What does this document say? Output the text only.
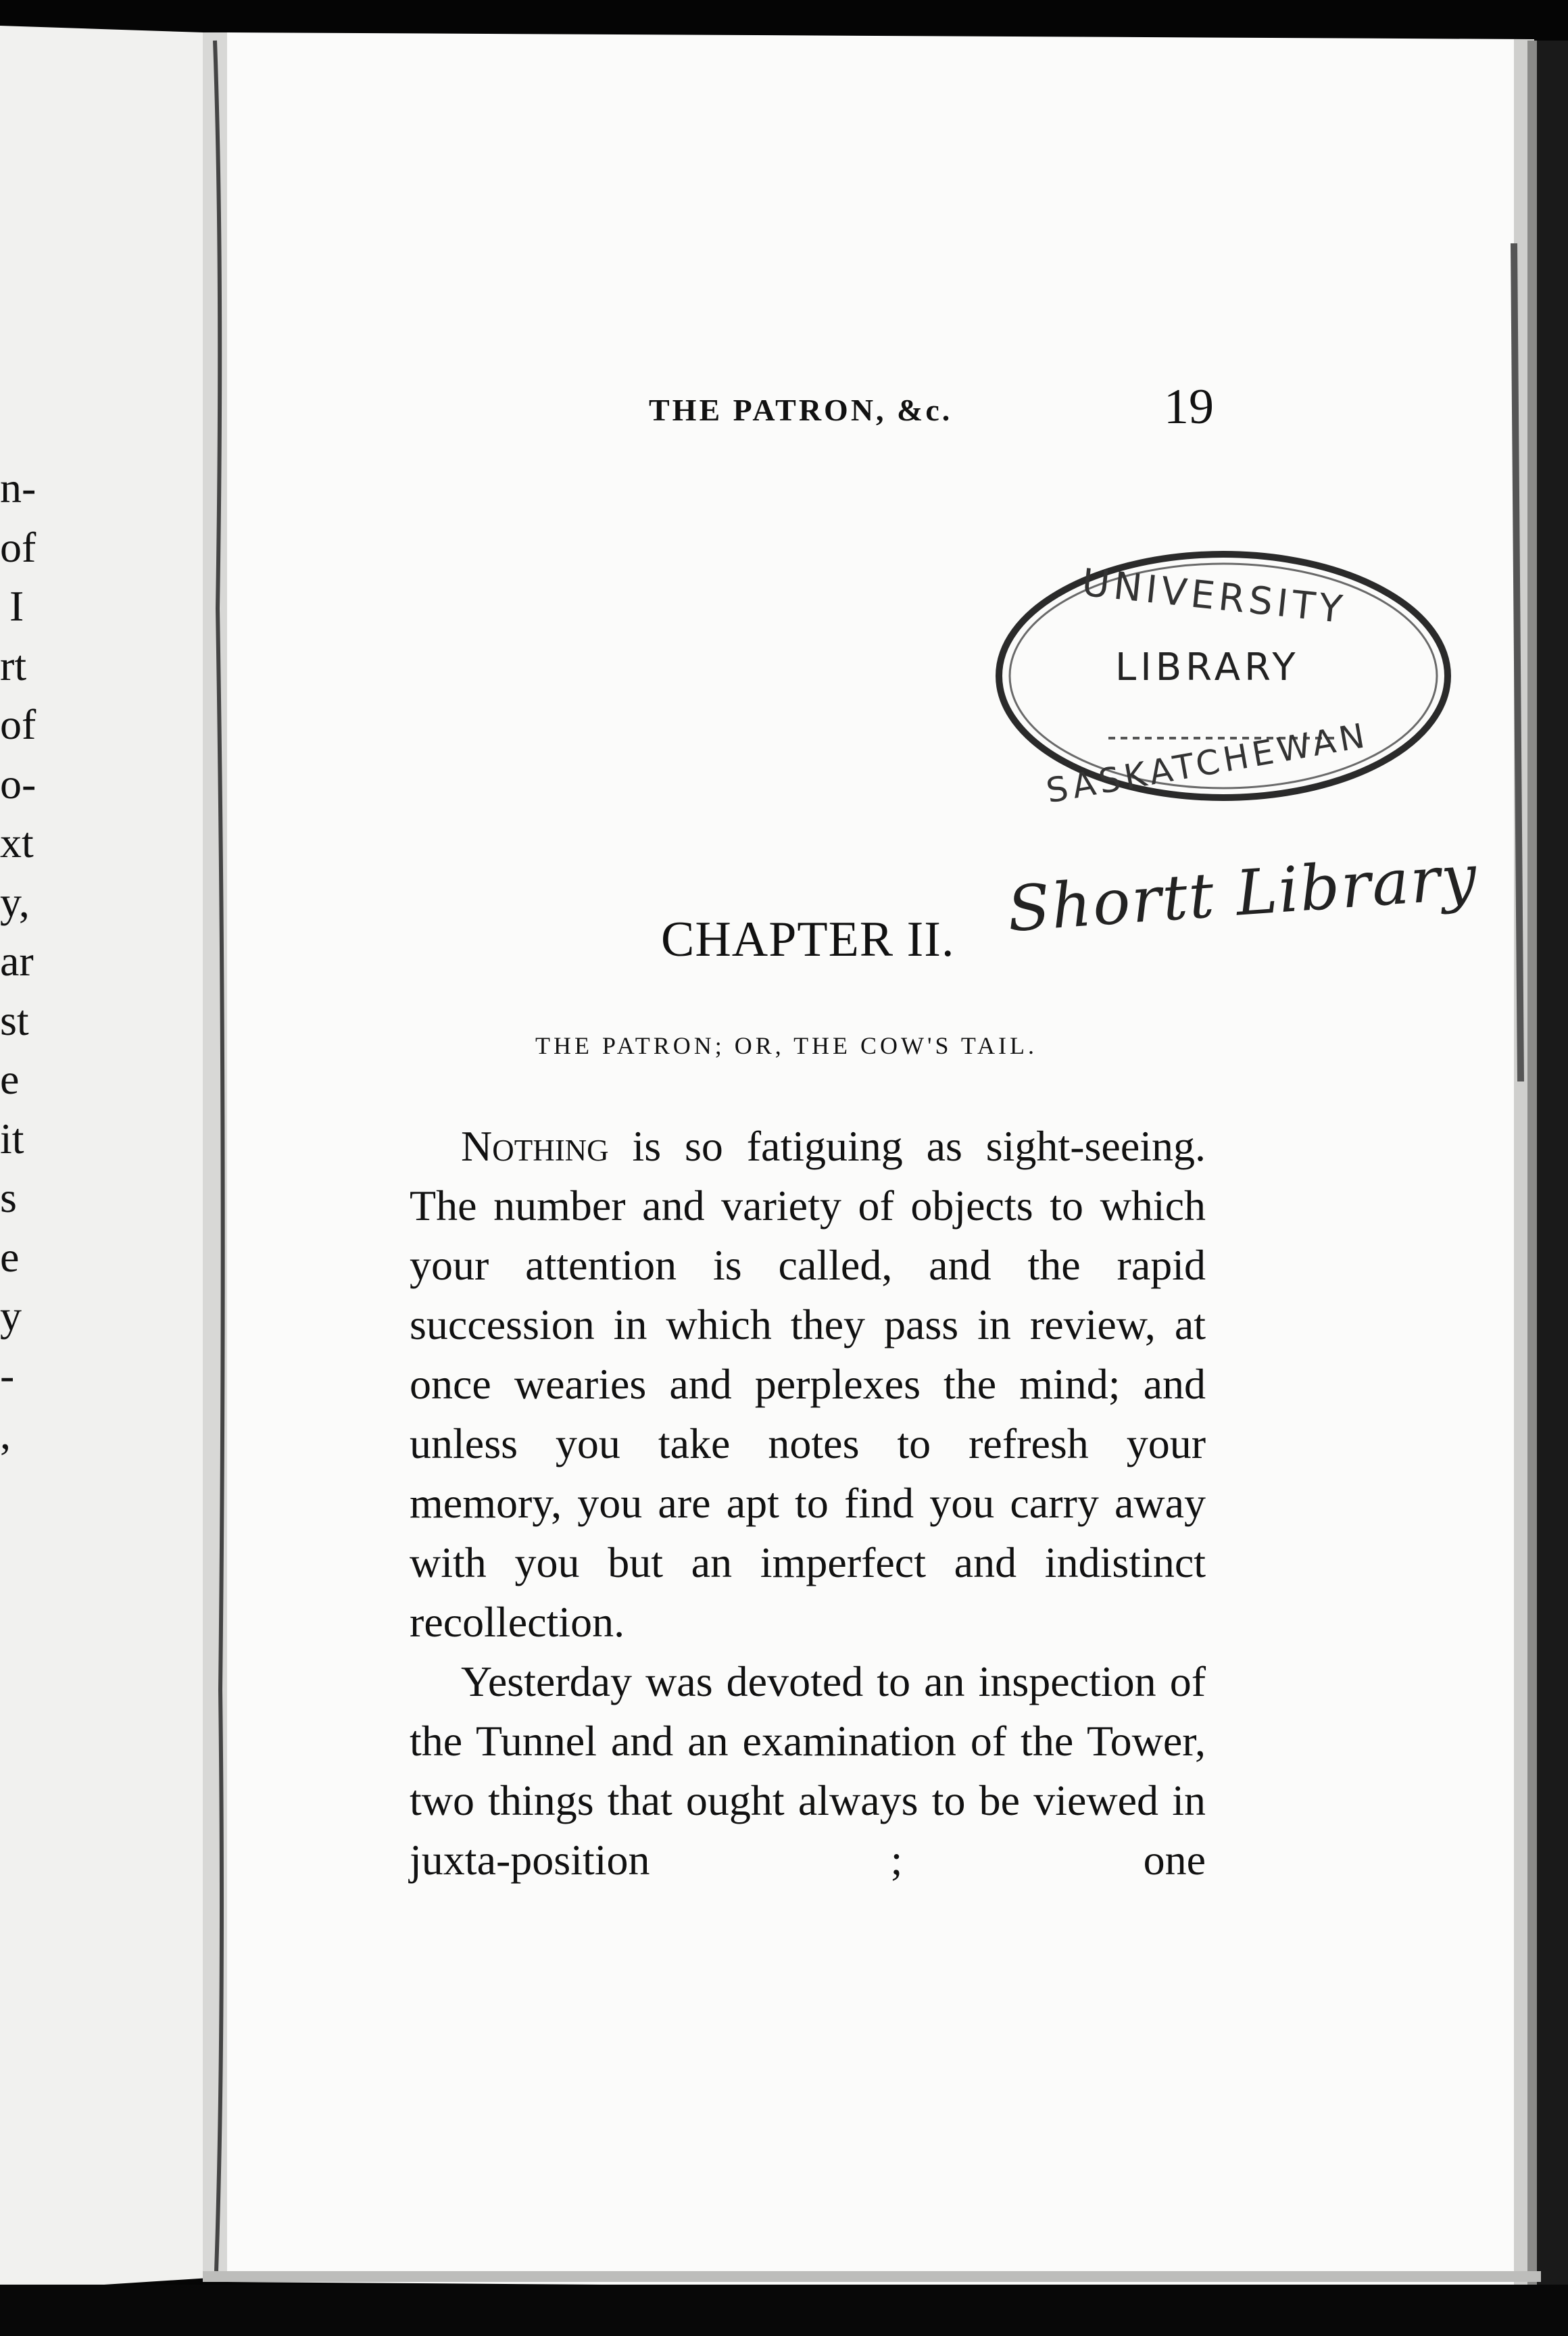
n-
of
I
rt
of
o-
xt
y,
ar
st
e
it
s
e
y
-
,
THE PATRON, &c.	19
UNIVERSITY
LIBRARY
SASKATCHEWAN
Shortt Library
CHAPTER II.
THE PATRON; OR, THE COW'S TAIL.

Nothing is so fatiguing as sight-seeing. The number and variety of objects to which your attention is called, and the rapid succession in which they pass in review, at once wearies and perplexes the mind; and unless you take notes to refresh your memory, you are apt to find you carry away with you but an imperfect and indistinct recollection.

Yesterday was devoted to an inspection of the Tunnel and an examination of the Tower, two things that ought always to be viewed in juxta-position ; one
